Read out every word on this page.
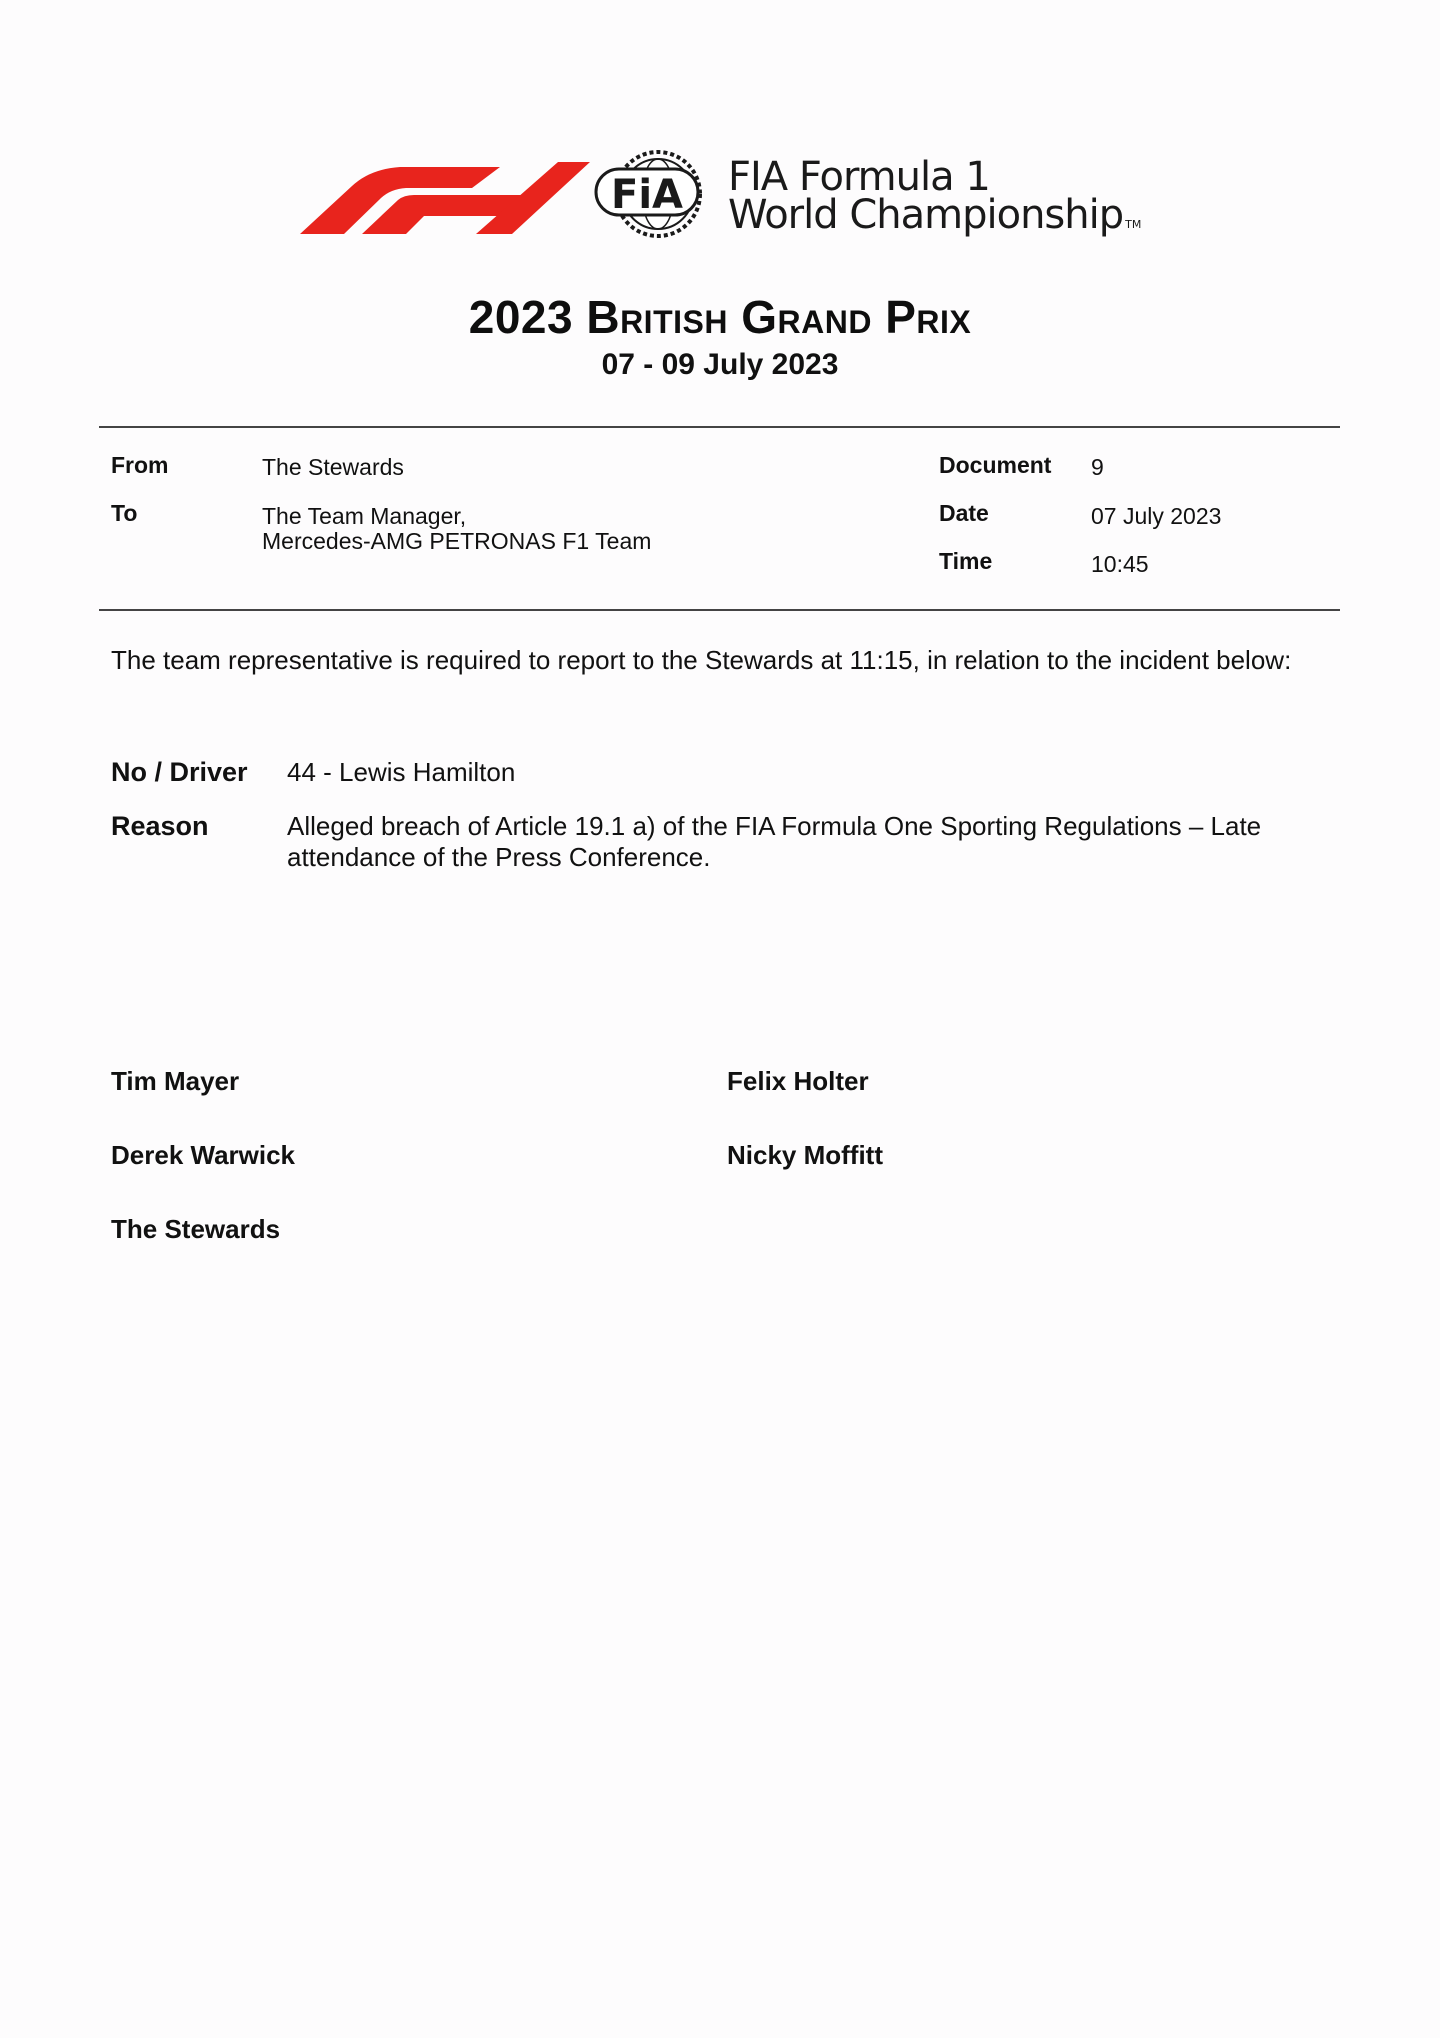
FiA FIA Formula 1
World Championship TM
2023 British Grand Prix
07 - 09 July 2023
From	The Stewards
To	The Team Manager,
Mercedes-AMG PETRONAS F1 Team
Document 9
Date	07 July 2023
Time	10:45
The team representative is required to report to the Stewards at 11:15, in relation to the incident below:
No / Driver 44 - Lewis Hamilton
Reason	Alleged breach of Article 19.1 a) of the FIA Formula One Sporting Regulations – Late attendance of the Press Conference.
Tim Mayer	Felix Holter
Derek Warwick	Nicky Moffitt
The Stewards
